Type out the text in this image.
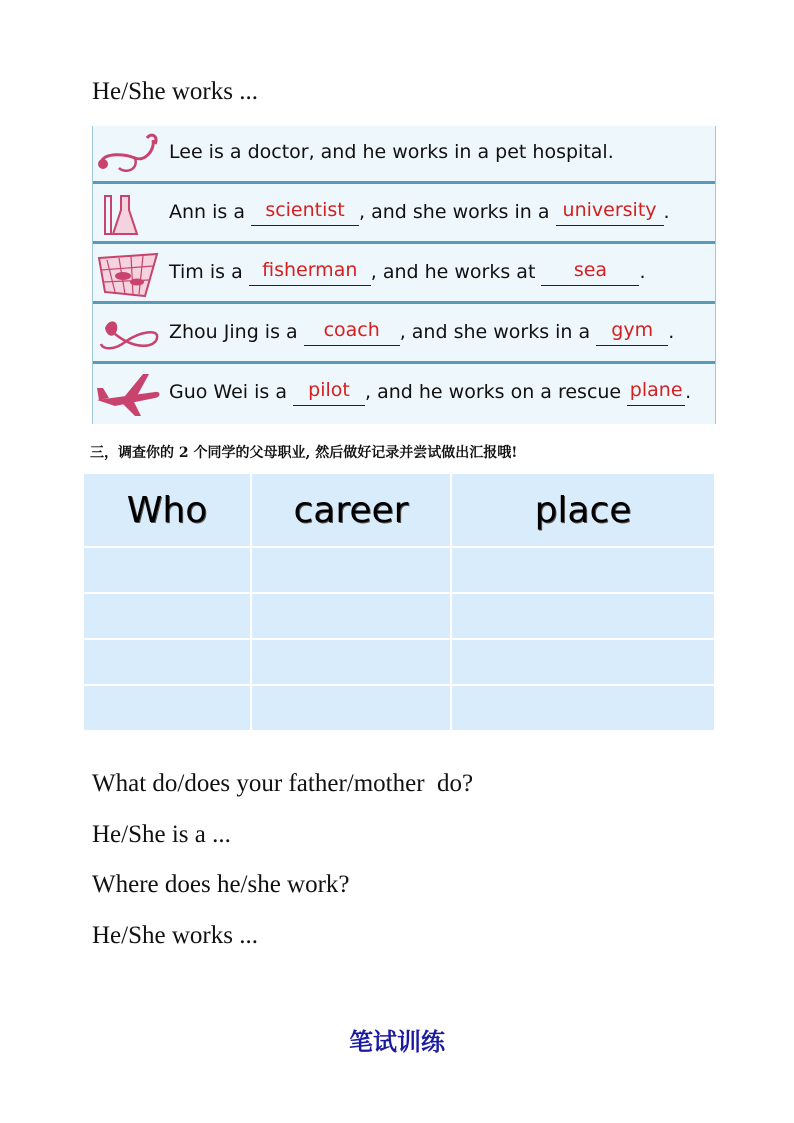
He/She works ...
Lee is a doctor, and he works in a pet hospital.
Ann is a scientist , and she works in a university .
Tim is a fisherman , and he works at sea .
Zhou Jing is a coach , and she works in a gym .
Guo Wei is a pilot , and he works on a rescue plane .
三，调查你的 2 个同学的父母职业, 然后做好记录并尝试做出汇报哦!
Who	career	place

What do/does your father/mother  do?
He/She is a ...
Where does he/she work?
He/She works ...
笔试训练
